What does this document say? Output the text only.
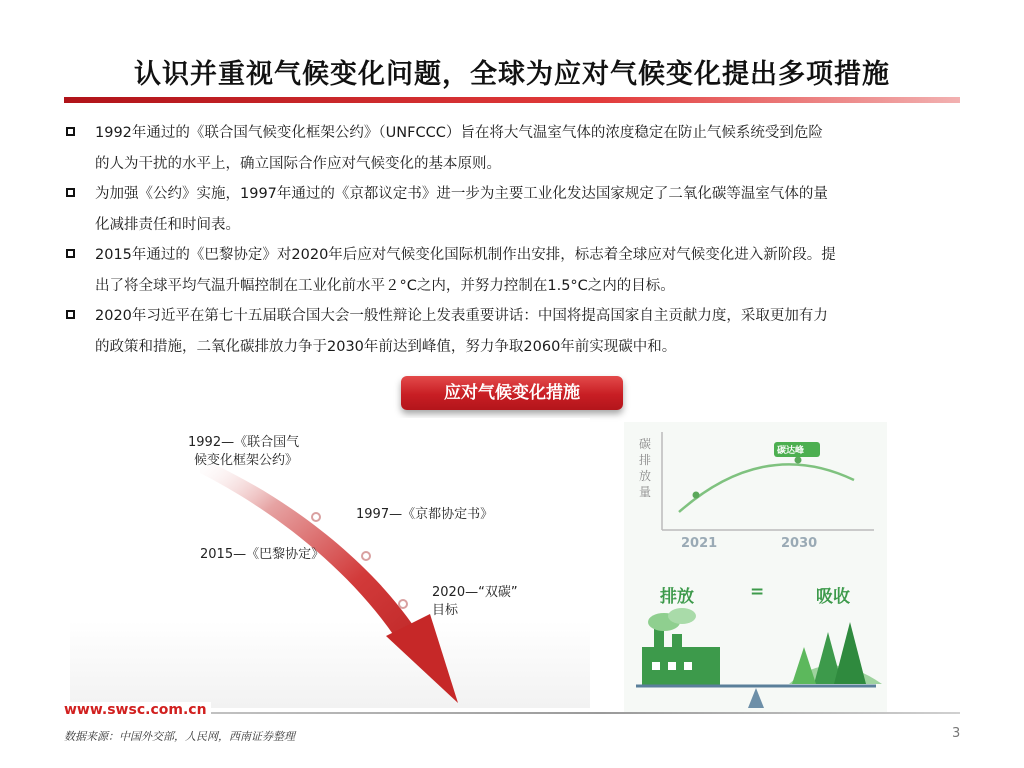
认识并重视气候变化问题，全球为应对气候变化提出多项措施
1992年通过的《联合国气候变化框架公约》（UNFCCC）旨在将大气温室气体的浓度稳定在防止气候系统受到危险
的人为干扰的水平上，确立国际合作应对气候变化的基本原则。
为加强《公约》实施，1997年通过的《京都议定书》进一步为主要工业化发达国家规定了二氧化碳等温室气体的量
化减排责任和时间表。
2015年通过的《巴黎协定》对2020年后应对气候变化国际机制作出安排，标志着全球应对气候变化进入新阶段。提
出了将全球平均气温升幅控制在工业化前水平２°C之内，并努力控制在1.5°C之内的目标。
2020年习近平在第七十五届联合国大会一般性辩论上发表重要讲话：中国将提高国家自主贡献力度，采取更加有力
的政策和措施，二氧化碳排放力争于2030年前达到峰值，努力争取2060年前实现碳中和。
应对气候变化措施
1992—《联合国气
候变化框架公约》
1997—《京都协定书》
2015—《巴黎协定》
2020—“双碳”
目标
碳
排
放
量
碳达峰
2021	2030
排放	=	吸收
www.swsc.com.cn
数据来源：中国外交部，人民网，西南证券整理	3
